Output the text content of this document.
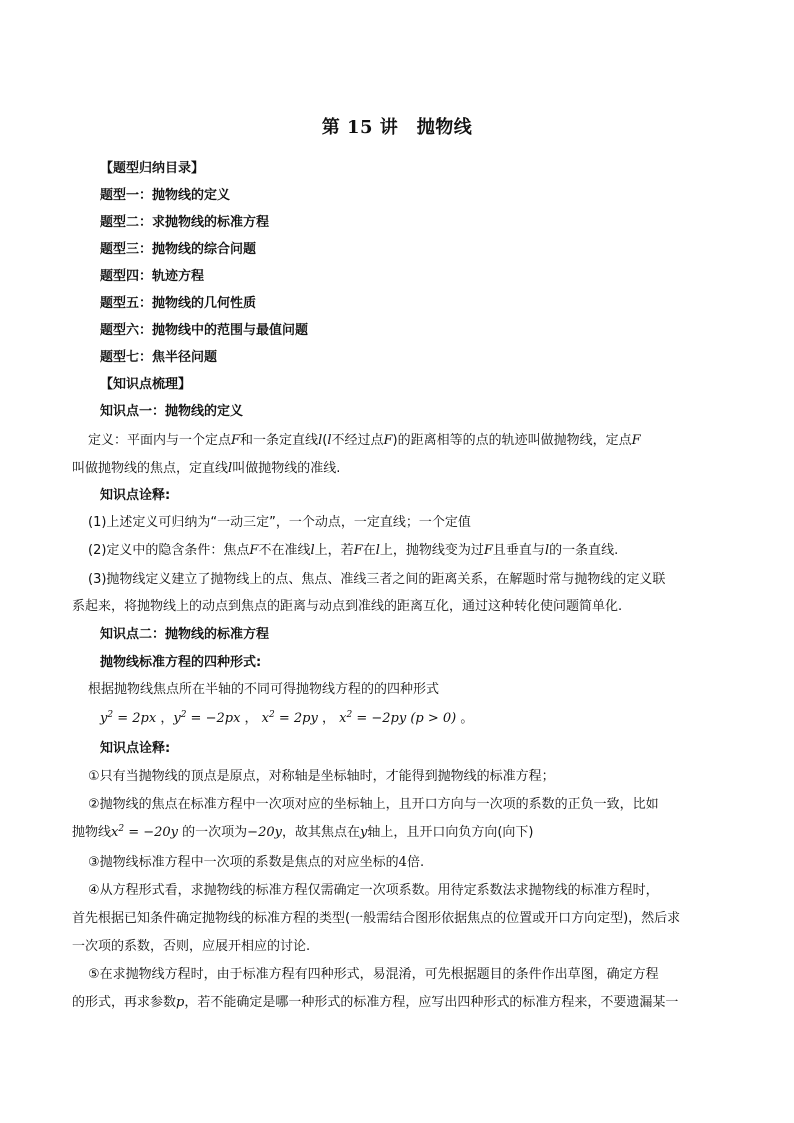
第 15 讲　抛物线
【题型归纳目录】
题型一：抛物线的定义
题型二：求抛物线的标准方程
题型三：抛物线的综合问题
题型四：轨迹方程
题型五：抛物线的几何性质
题型六：抛物线中的范围与最值问题
题型七：焦半径问题
【知识点梳理】
知识点一：抛物线的定义
定义：平面内与一个定点F和一条定直线l(l不经过点F)的距离相等的点的轨迹叫做抛物线，定点F
叫做抛物线的焦点，定直线l叫做抛物线的准线.
知识点诠释:
(1)上述定义可归纳为“一动三定”，一个动点，一定直线；一个定值
(2)定义中的隐含条件：焦点F不在准线l上，若F在l上，抛物线变为过F且垂直与l的一条直线.
(3)抛物线定义建立了抛物线上的点、焦点、准线三者之间的距离关系，在解题时常与抛物线的定义联
系起来，将抛物线上的动点到焦点的距离与动点到准线的距离互化，通过这种转化使问题简单化.
知识点二：抛物线的标准方程
抛物线标准方程的四种形式:
根据抛物线焦点所在半轴的不同可得抛物线方程的的四种形式
$y^2 = 2px$ ，$y^2 = -2px$ ， $x^2 = 2py$ ， $x^2 = -2py$ (p > 0) 。
知识点诠释:
①只有当抛物线的顶点是原点，对称轴是坐标轴时，才能得到抛物线的标准方程；
②抛物线的焦点在标准方程中一次项对应的坐标轴上，且开口方向与一次项的系数的正负一致，比如
抛物线$x^2 = -20y$ 的一次项为−20y，故其焦点在y轴上，且开口向负方向(向下)
③抛物线标准方程中一次项的系数是焦点的对应坐标的4倍.
④从方程形式看，求抛物线的标准方程仅需确定一次项系数。用待定系数法求抛物线的标准方程时，
首先根据已知条件确定抛物线的标准方程的类型(一般需结合图形依据焦点的位置或开口方向定型)，然后求
一次项的系数，否则，应展开相应的讨论.
⑤在求抛物线方程时，由于标准方程有四种形式，易混淆，可先根据题目的条件作出草图，确定方程
的形式，再求参数p，若不能确定是哪一种形式的标准方程，应写出四种形式的标准方程来，不要遗漏某一
